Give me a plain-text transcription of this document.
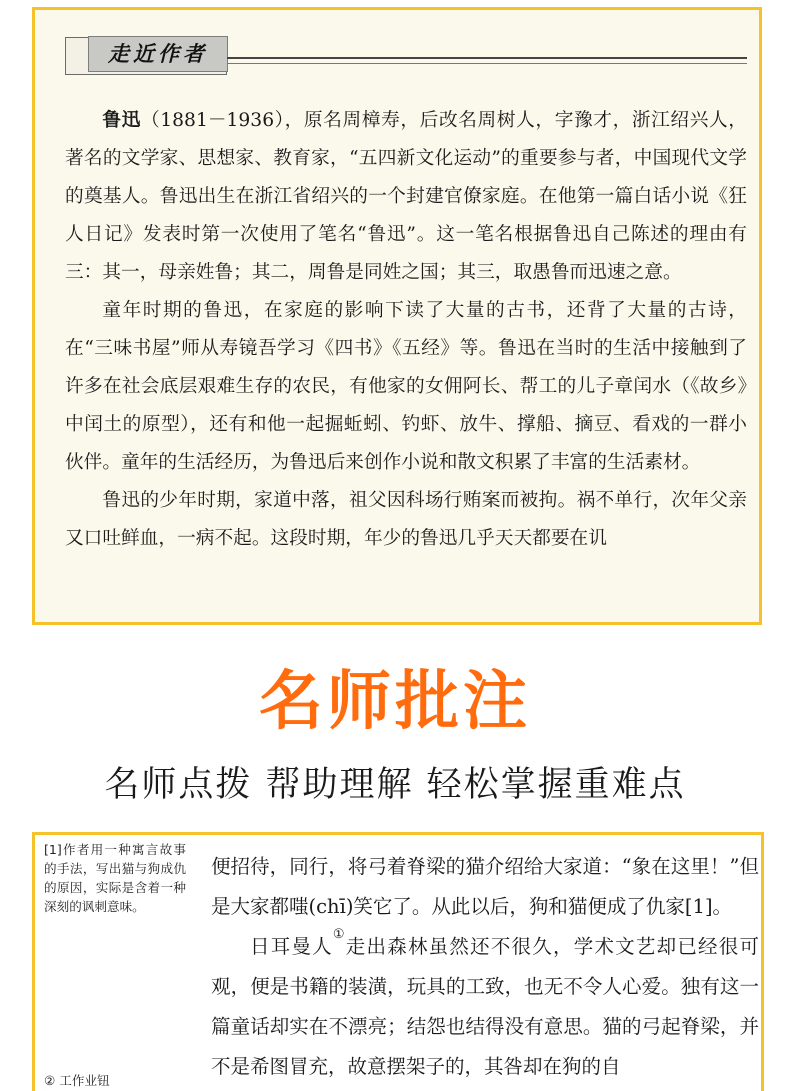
走近作者

鲁迅（1881－1936），原名周樟寿，后改名周树人，字豫才，浙江绍兴人，著名的文学家、思想家、教育家，“五四新文化运动”的重要参与者，中国现代文学的奠基人。鲁迅出生在浙江省绍兴的一个封建官僚家庭。在他第一篇白话小说《狂人日记》发表时第一次使用了笔名“鲁迅”。这一笔名根据鲁迅自己陈述的理由有三：其一，母亲姓鲁；其二，周鲁是同姓之国；其三，取愚鲁而迅速之意。

童年时期的鲁迅，在家庭的影响下读了大量的古书，还背了大量的古诗，在“三味书屋”师从寿镜吾学习《四书》《五经》等。鲁迅在当时的生活中接触到了许多在社会底层艰难生存的农民，有他家的女佣阿长、帮工的儿子章闰水（《故乡》中闰土的原型），还有和他一起掘蚯蚓、钓虾、放牛、撑船、摘豆、看戏的一群小伙伴。童年的生活经历，为鲁迅后来创作小说和散文积累了丰富的生活素材。

鲁迅的少年时期，家道中落，祖父因科场行贿案而被拘。祸不单行，次年父亲又口吐鲜血，一病不起。这段时期，年少的鲁迅几乎天天都要在讥

名师批注
名师点拨 帮助理解 轻松掌握重难点
[1]作者用一种寓言故事的手法，写出猫与狗成仇的原因，实际是含着一种深刻的讽刺意味。
② 工作业钮

便招待，同行，将弓着脊梁的猫介绍给大家道：“象在这里！”但是大家都嗤(chī)笑它了。从此以后，狗和猫便成了仇家[1]。

日耳曼人①走出森林虽然还不很久，学术文艺却已经很可观，便是书籍的装潢，玩具的工致，也无不令人心爱。独有这一篇童话却实在不漂亮；结怨也结得没有意思。猫的弓起脊梁，并不是希图冒充，故意摆架子的，其咎却在狗的自
